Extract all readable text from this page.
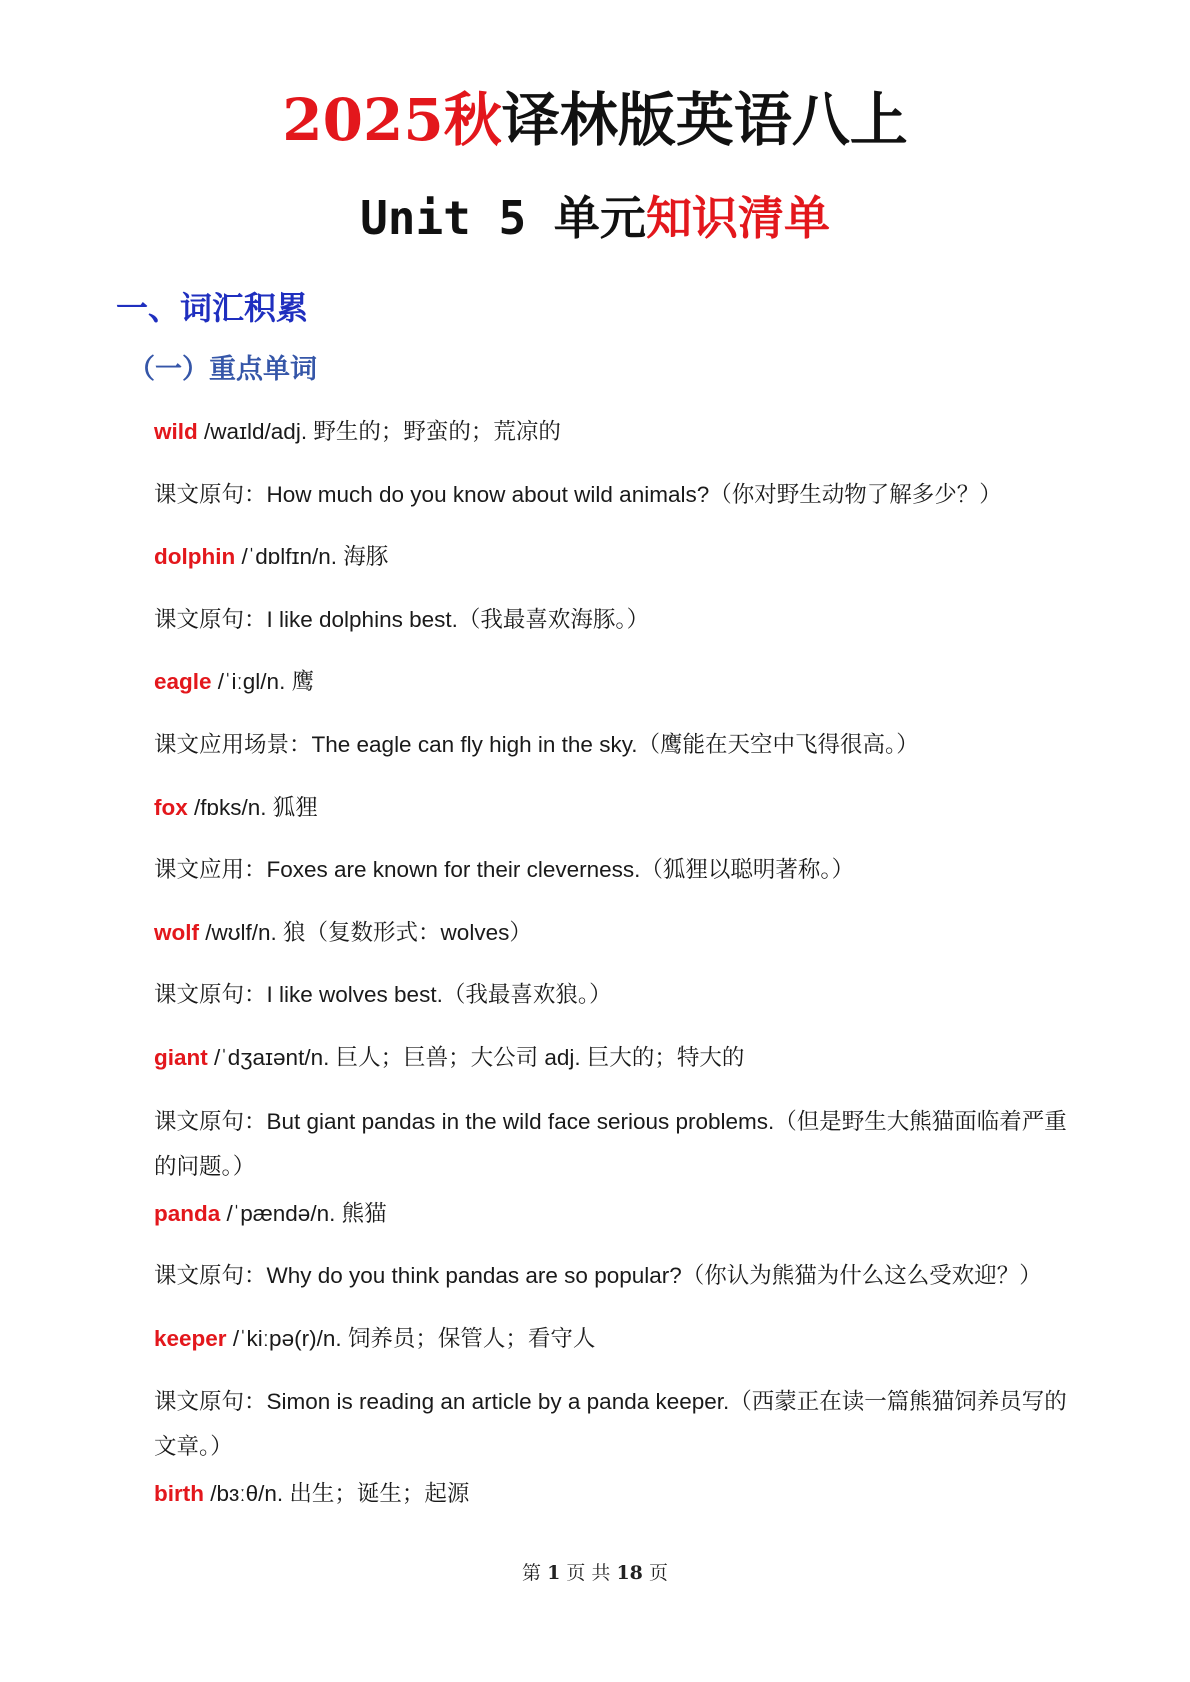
2025秋译林版英语八上
Unit 5 单元知识清单
一、词汇积累
（一）重点单词
wild /waɪld/adj. 野生的；野蛮的；荒凉的
课文原句：How much do you know about wild animals?（你对野生动物了解多少？）
dolphin /ˈdɒlfɪn/n. 海豚
课文原句：I like dolphins best.（我最喜欢海豚。）
eagle /ˈiːɡl/n. 鹰
课文应用场景：The eagle can fly high in the sky.（鹰能在天空中飞得很高。）
fox /fɒks/n. 狐狸
课文应用：Foxes are known for their cleverness.（狐狸以聪明著称。）
wolf /wʊlf/n. 狼（复数形式：wolves）
课文原句：I like wolves best.（我最喜欢狼。）
giant /ˈdʒaɪənt/n. 巨人；巨兽；大公司 adj. 巨大的；特大的
课文原句：But giant pandas in the wild face serious problems.（但是野生大熊猫面临着严重的问题。）
panda /ˈpændə/n. 熊猫
课文原句：Why do you think pandas are so popular?（你认为熊猫为什么这么受欢迎？）
keeper /ˈkiːpə(r)/n. 饲养员；保管人；看守人
课文原句：Simon is reading an article by a panda keeper.（西蒙正在读一篇熊猫饲养员写的文章。）
birth /bɜːθ/n. 出生；诞生；起源
第 1 页 共 18 页
